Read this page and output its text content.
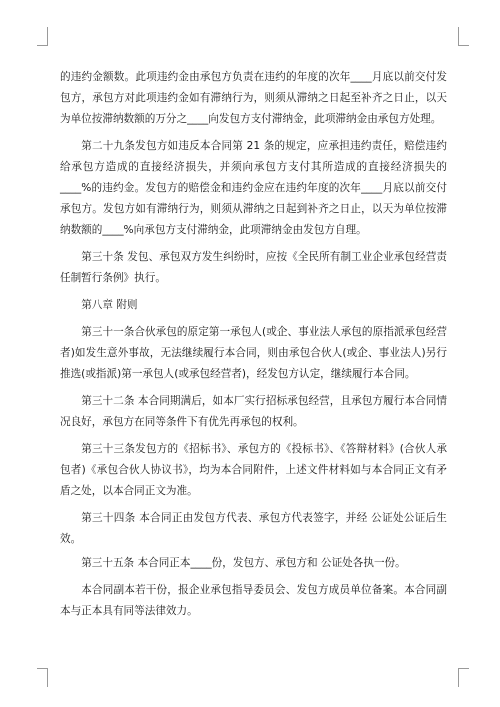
的违约金额数。此项违约金由承包方负责在违约的年度的次年____月底以前交付发包方，承包方对此项违约金如有滞纳行为，则须从滞纳之日起至补齐之日止，以天为单位按滞纳数额的万分之____向发包方支付滞纳金，此项滞纳金由承包方处理。

第二十九条发包方如违反本合同第 21 条的规定，应承担违约责任，赔偿违约给承包方造成的直接经济损失，并须向承包方支付其所造成的直接经济损失的____%的违约金。发包方的赔偿金和违约金应在违约年度的次年____月底以前交付承包方。发包方如有滞纳行为，则须从滞纳之日起到补齐之日止，以天为单位按滞纳数额的____%向承包方支付滞纳金，此项滞纳金由发包方自理。

第三十条 发包、承包双方发生纠纷时，应按《全民所有制工业企业承包经营责任制暂行条例》执行。

第八章 附则

第三十一条合伙承包的原定第一承包人(或企、事业法人承包的原指派承包经营者)如发生意外事故，无法继续履行本合同，则由承包合伙人(或企、事业法人)另行推选(或指派)第一承包人(或承包经营者)，经发包方认定，继续履行本合同。

第三十二条 本合同期满后，如本厂实行招标承包经营，且承包方履行本合同情况良好，承包方在同等条件下有优先再承包的权利。

第三十三条发包方的《招标书》、承包方的《投标书》、《答辩材料》(合伙人承包者)《承包合伙人协议书》，均为本合同附件，上述文件材料如与本合同正文有矛盾之处，以本合同正文为准。

第三十四条 本合同正由发包方代表、承包方代表签字，并经 公证处公证后生效。

第三十五条 本合同正本____份，发包方、承包方和 公证处各执一份。

本合同副本若干份，报企业承包指导委员会、发包方成员单位备案。本合同副本与正本具有同等法律效力。
